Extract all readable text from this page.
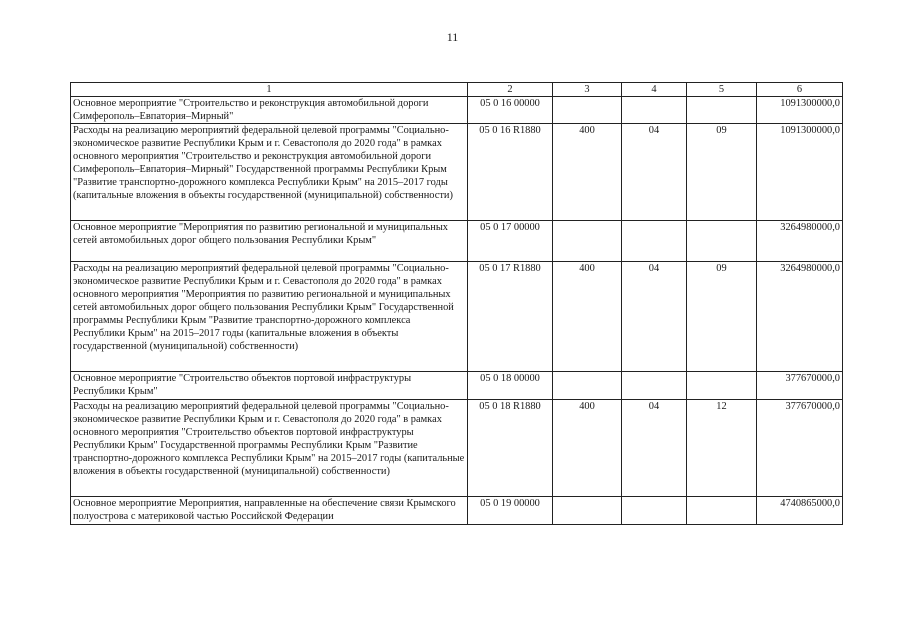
11
1	2	3	4	5	6
Основное мероприятие "Строительство и реконструкция автомобильной дороги Симферополь–Евпатория–Мирный"	05 0 16 00000				1091300000,0
Расходы на реализацию мероприятий федеральной целевой программы "Социально-экономическое развитие Республики Крым и г. Севастополя до 2020 года" в рамках основного мероприятия "Строительство и реконструкция автомобильной дороги Симферополь–Евпатория–Мирный" Государственной программы Республики Крым "Развитие транспортно-дорожного комплекса Республики Крым" на 2015–2017 годы (капитальные вложения в объекты государственной (муниципальной) собственности)	05 0 16 R1880	400	04	09	1091300000,0
Основное мероприятие "Мероприятия по развитию региональной и муниципальных сетей автомобильных дорог общего пользования Республики Крым"	05 0 17 00000				3264980000,0
Расходы на реализацию мероприятий федеральной целевой программы "Социально-экономическое развитие Республики Крым и г. Севастополя до 2020 года" в рамках основного мероприятия "Мероприятия по развитию региональной и муниципальных сетей автомобильных дорог общего пользования Республики Крым" Государственной программы Республики Крым "Развитие транспортно-дорожного комплекса Республики Крым" на 2015–2017 годы (капитальные вложения в объекты государственной (муниципальной) собственности)	05 0 17 R1880	400	04	09	3264980000,0
Основное мероприятие "Строительство объектов портовой инфраструктуры Республики Крым"	05 0 18 00000				377670000,0
Расходы на реализацию мероприятий федеральной целевой программы "Социально-экономическое развитие Республики Крым и г. Севастополя до 2020 года" в рамках основного мероприятия "Строительство объектов портовой инфраструктуры Республики Крым" Государственной программы Республики Крым "Развитие транспортно-дорожного комплекса Республики Крым" на 2015–2017 годы (капитальные вложения в объекты государственной (муниципальной) собственности)	05 0 18 R1880	400	04	12	377670000,0
Основное мероприятие Мероприятия, направленные на обеспечение связи Крымского полуострова с материковой частью Российской Федерации	05 0 19 00000				4740865000,0
